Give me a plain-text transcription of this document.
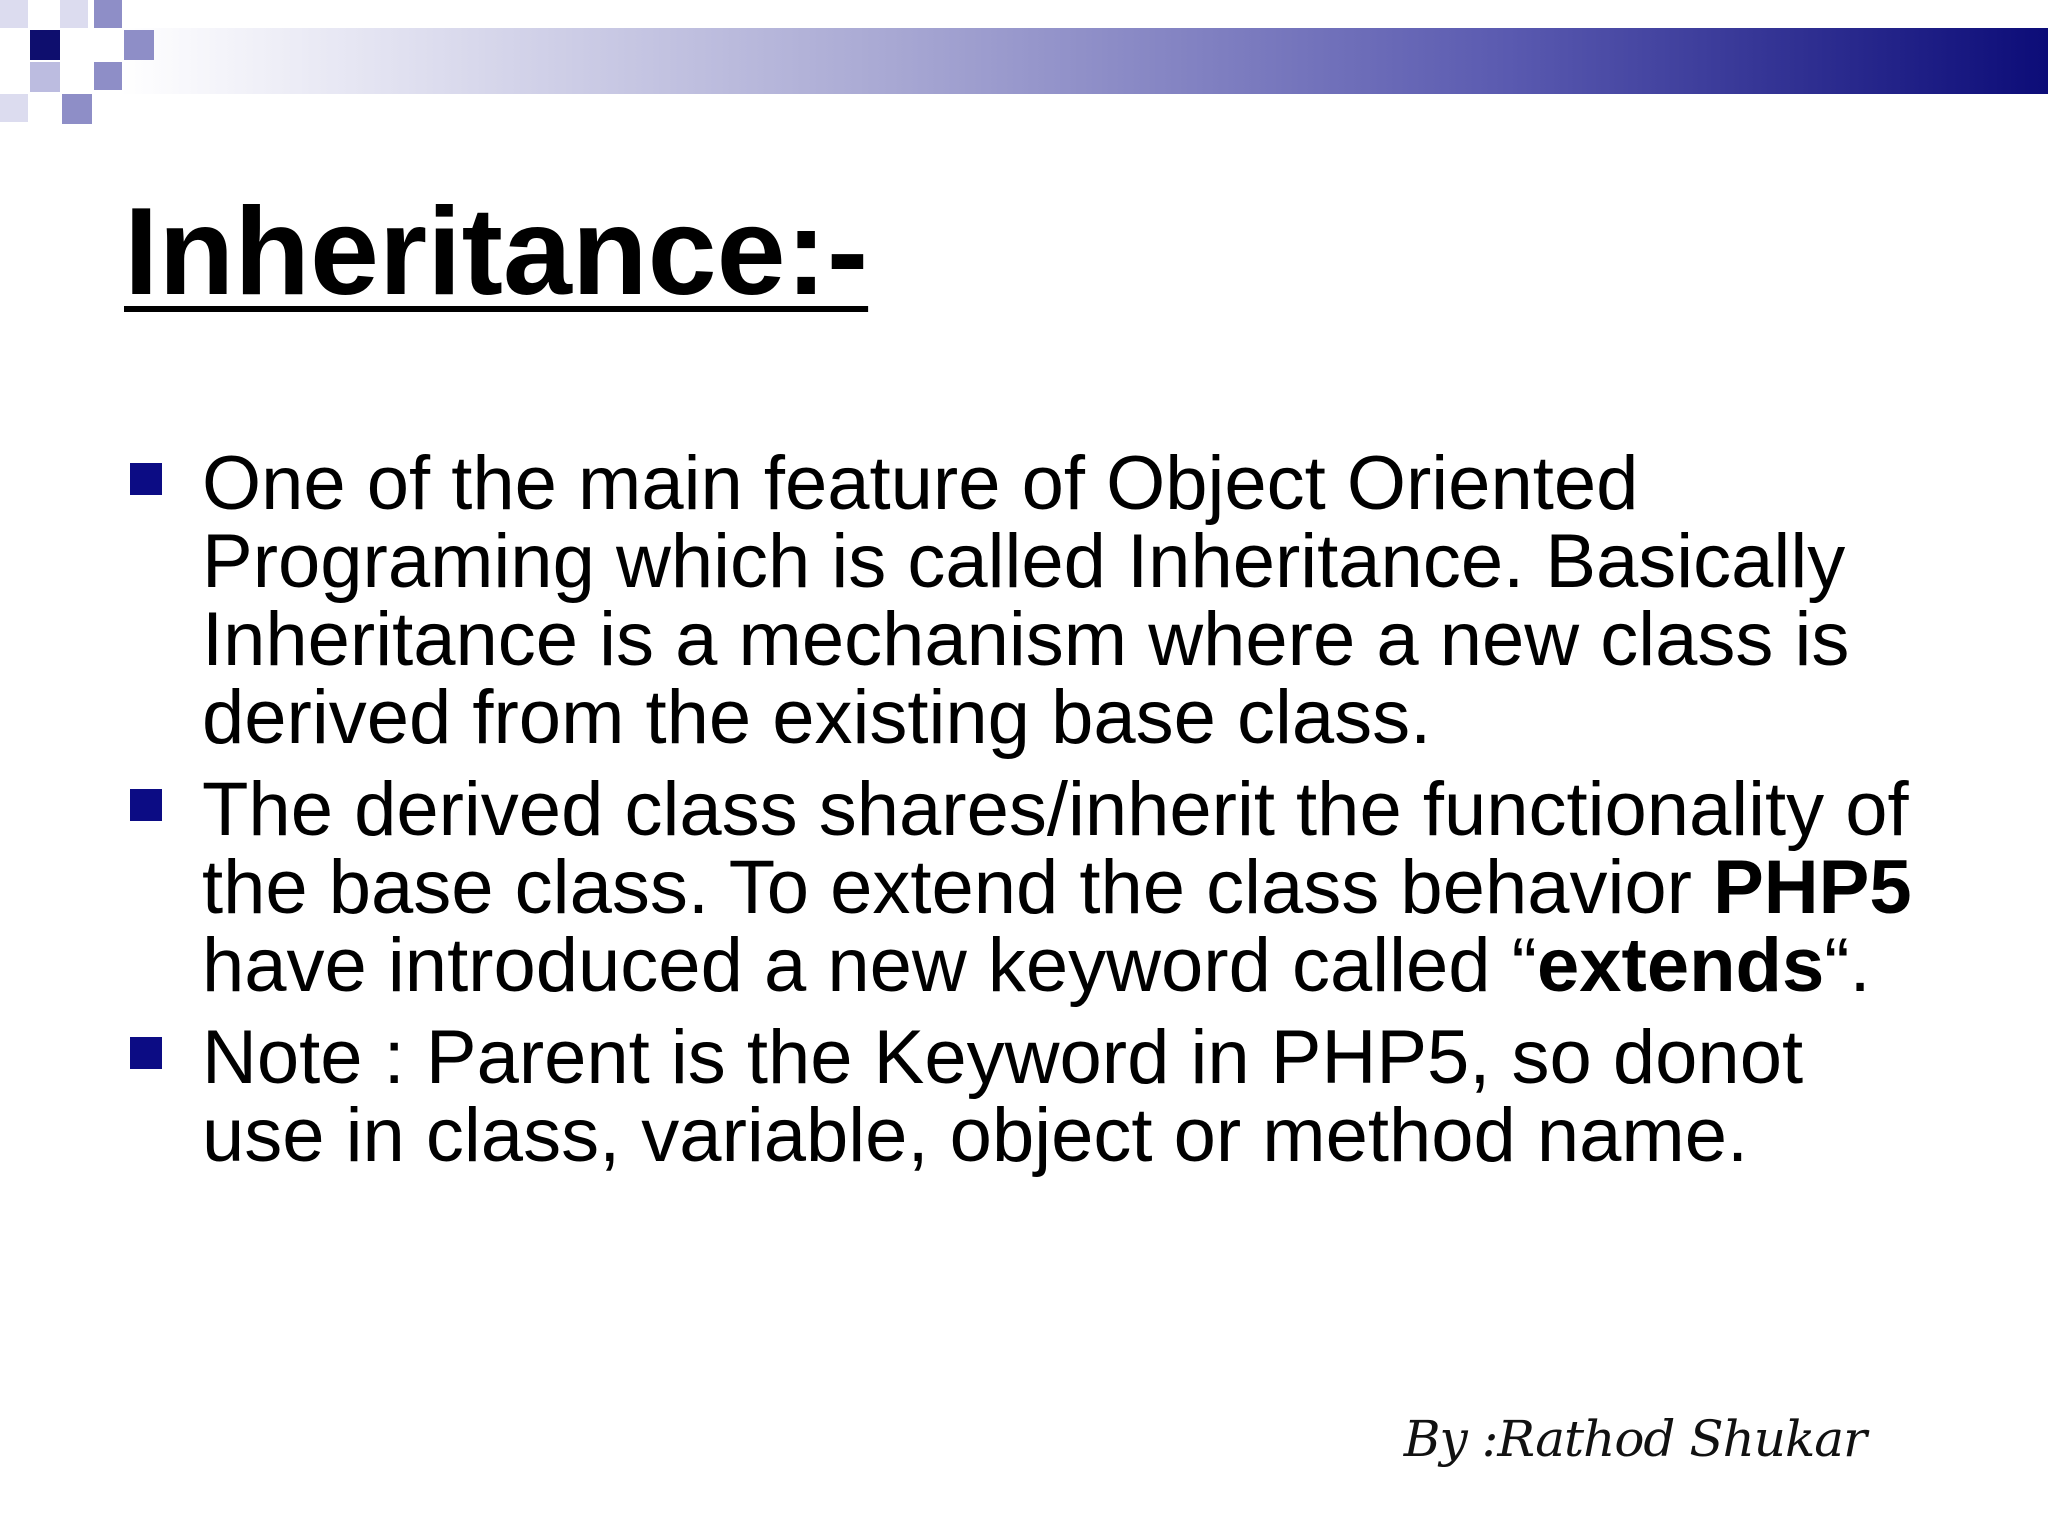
Inheritance:-
One of the main feature of Object Oriented Programing which is called Inheritance. Basically Inheritance is a mechanism where a new class is derived from the existing base class.
The derived class shares/inherit the functionality of the base class. To extend the class behavior PHP5 have introduced a new keyword called “extends“.
Note : Parent is the Keyword in PHP5, so donot use in class, variable, object or method name.
By :Rathod Shukar
